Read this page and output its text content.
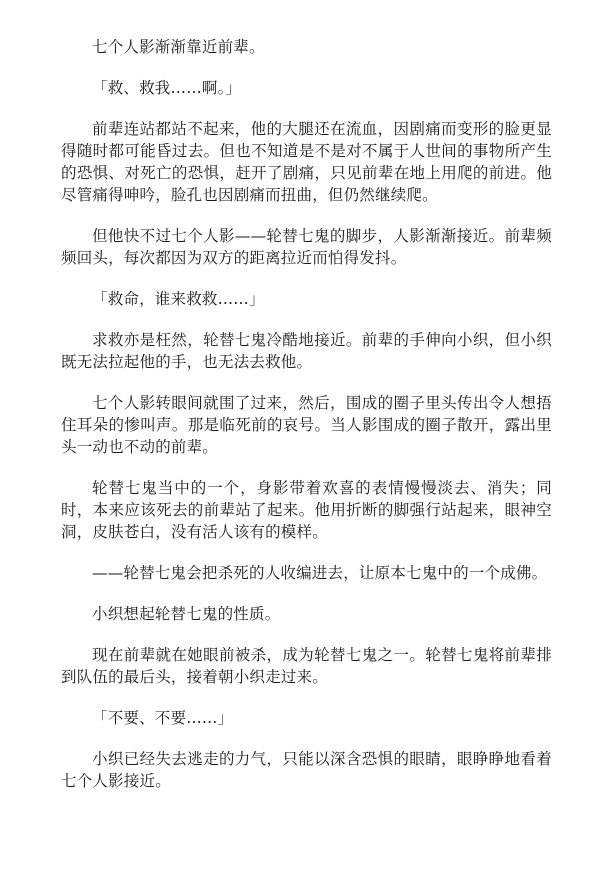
七个人影渐渐靠近前辈。

「救、救我……啊。」

前辈连站都站不起来，他的大腿还在流血，因剧痛而变形的脸更显得随时都可能昏过去。但也不知道是不是对不属于人世间的事物所产生的恐惧、对死亡的恐惧，赶开了剧痛，只见前辈在地上用爬的前进。他尽管痛得呻吟，脸孔也因剧痛而扭曲，但仍然继续爬。

但他快不过七个人影——轮替七鬼的脚步，人影渐渐接近。前辈频频回头，每次都因为双方的距离拉近而怕得发抖。

「救命，谁来救救……」

求救亦是枉然，轮替七鬼冷酷地接近。前辈的手伸向小织，但小织既无法拉起他的手，也无法去救他。

七个人影转眼间就围了过来，然后，围成的圈子里头传出令人想捂住耳朵的惨叫声。那是临死前的哀号。当人影围成的圈子散开，露出里头一动也不动的前辈。

轮替七鬼当中的一个，身影带着欢喜的表情慢慢淡去、消失；同时，本来应该死去的前辈站了起来。他用折断的脚强行站起来，眼神空洞，皮肤苍白，没有活人该有的模样。

——轮替七鬼会把杀死的人收编进去，让原本七鬼中的一个成佛。

小织想起轮替七鬼的性质。

现在前辈就在她眼前被杀，成为轮替七鬼之一。轮替七鬼将前辈排到队伍的最后头，接着朝小织走过来。

「不要、不要……」

小织已经失去逃走的力气，只能以深含恐惧的眼睛，眼睁睁地看着七个人影接近。
